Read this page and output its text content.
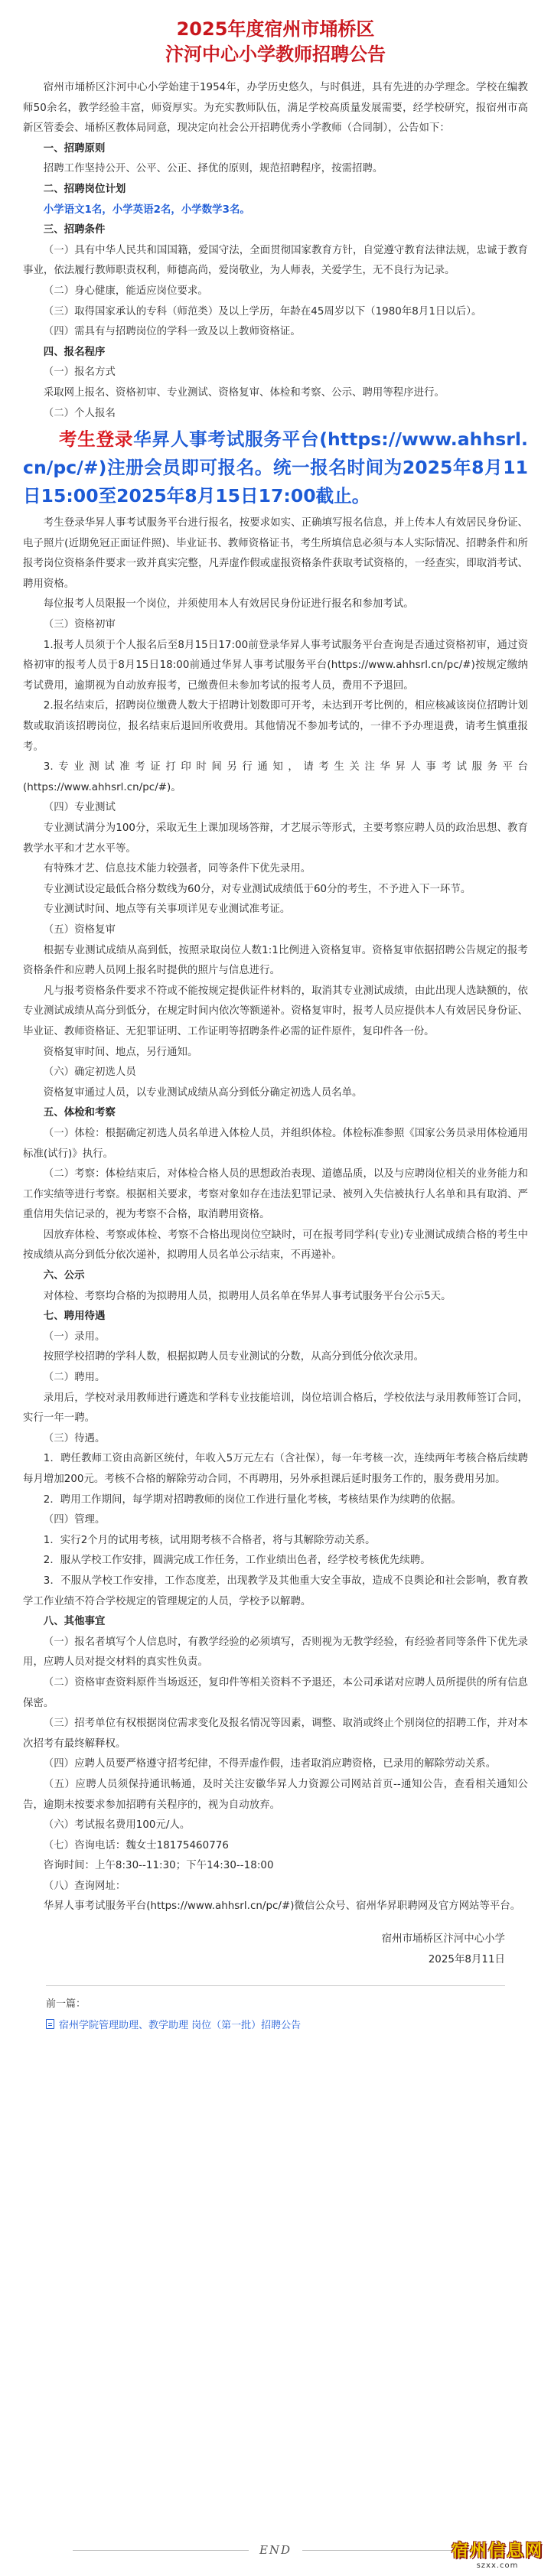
2025年度宿州市埇桥区
汴河中心小学教师招聘公告

宿州市埇桥区汴河中心小学始建于1954年，办学历史悠久，与时俱进，具有先进的办学理念。学校在编教师50余名，教学经验丰富，师资厚实。为充实教师队伍，满足学校高质量发展需要，经学校研究，报宿州市高新区管委会、埇桥区教体局同意，现决定向社会公开招聘优秀小学教师（合同制），公告如下：

一、招聘原则

招聘工作坚持公开、公平、公正、择优的原则，规范招聘程序，按需招聘。

二、招聘岗位计划

小学语文1名，小学英语2名，小学数学3名。

三、招聘条件

（一）具有中华人民共和国国籍，爱国守法，全面贯彻国家教育方针，自觉遵守教育法律法规，忠诚于教育事业，依法履行教师职责权利，师德高尚，爱岗敬业，为人师表，关爱学生，无不良行为记录。

（二）身心健康，能适应岗位要求。

（三）取得国家承认的专科（师范类）及以上学历，年龄在45周岁以下（1980年8月1日以后）。

（四）需具有与招聘岗位的学科一致及以上教师资格证。

四、报名程序

（一）报名方式

采取网上报名、资格初审、专业测试、资格复审、体检和考察、公示、聘用等程序进行。

（二）个人报名

考生登录华昇人事考试服务平台(https://www.ahhsrl.cn/pc/#)注册会员即可报名。统一报名时间为2025年8月11日15:00至2025年8月15日17:00截止。

考生登录华昇人事考试服务平台进行报名，按要求如实、正确填写报名信息，并上传本人有效居民身份证、电子照片(近期免冠正面证件照)、毕业证书、教师资格证书，考生所填信息必须与本人实际情况、招聘条件和所报考岗位资格条件要求一致并真实完整，凡弄虚作假或虚报资格条件获取考试资格的，一经查实，即取消考试、聘用资格。

每位报考人员限报一个岗位，并须使用本人有效居民身份证进行报名和参加考试。

（三）资格初审

1.报考人员须于个人报名后至8月15日17:00前登录华昇人事考试服务平台查询是否通过资格初审，通过资格初审的报考人员于8月15日18:00前通过华昇人事考试服务平台(https://www.ahhsrl.cn/pc/#)按规定缴纳考试费用，逾期视为自动放弃报考，已缴费但未参加考试的报考人员，费用不予退回。

2.报名结束后，招聘岗位缴费人数大于招聘计划数即可开考，未达到开考比例的，相应核减该岗位招聘计划数或取消该招聘岗位，报名结束后退回所收费用。其他情况不参加考试的，一律不予办理退费，请考生慎重报考。

3.专业测试准考证打印时间另行通知，请考生关注华昇人事考试服务平台(https://www.ahhsrl.cn/pc/#)。

（四）专业测试

专业测试满分为100分，采取无生上课加现场答辩，才艺展示等形式，主要考察应聘人员的政治思想、教育教学水平和才艺水平等。

有特殊才艺、信息技术能力较强者，同等条件下优先录用。

专业测试设定最低合格分数线为60分，对专业测试成绩低于60分的考生，不予进入下一环节。

专业测试时间、地点等有关事项详见专业测试准考证。

（五）资格复审

根据专业测试成绩从高到低，按照录取岗位人数1:1比例进入资格复审。资格复审依据招聘公告规定的报考资格条件和应聘人员网上报名时提供的照片与信息进行。

凡与报考资格条件要求不符或不能按规定提供证件材料的，取消其专业测试成绩，由此出现人选缺额的，依专业测试成绩从高分到低分，在规定时间内依次等额递补。资格复审时，报考人员应提供本人有效居民身份证、毕业证、教师资格证、无犯罪证明、工作证明等招聘条件必需的证件原件，复印件各一份。

资格复审时间、地点，另行通知。

（六）确定初选人员

资格复审通过人员，以专业测试成绩从高分到低分确定初选人员名单。

五、体检和考察

（一）体检：根据确定初选人员名单进入体检人员，并组织体检。体检标准参照《国家公务员录用体检通用标准(试行)》执行。

（二）考察：体检结束后，对体检合格人员的思想政治表现、道德品质，以及与应聘岗位相关的业务能力和工作实绩等进行考察。根据相关要求，考察对象如存在违法犯罪记录、被列入失信被执行人名单和具有取消、严重信用失信记录的，视为考察不合格，取消聘用资格。

因放弃体检、考察或体检、考察不合格出现岗位空缺时，可在报考同学科(专业)专业测试成绩合格的考生中按成绩从高分到低分依次递补，拟聘用人员名单公示结束，不再递补。

六、公示

对体检、考察均合格的为拟聘用人员，拟聘用人员名单在华昇人事考试服务平台公示5天。

七、聘用待遇

（一）录用。

按照学校招聘的学科人数，根据拟聘人员专业测试的分数，从高分到低分依次录用。

（二）聘用。

录用后，学校对录用教师进行遴选和学科专业技能培训，岗位培训合格后，学校依法与录用教师签订合同，实行一年一聘。

（三）待遇。

1．聘任教师工资由高新区统付，年收入5万元左右（含社保），每一年考核一次，连续两年考核合格后续聘每月增加200元。考核不合格的解除劳动合同，不再聘用，另外承担课后延时服务工作的，服务费用另加。

2．聘用工作期间，每学期对招聘教师的岗位工作进行量化考核，考核结果作为续聘的依据。

（四）管理。

1．实行2个月的试用考核，试用期考核不合格者，将与其解除劳动关系。

2．服从学校工作安排，圆满完成工作任务，工作业绩出色者，经学校考核优先续聘。

3．不服从学校工作安排，工作态度差，出现教学及其他重大安全事故，造成不良舆论和社会影响，教育教学工作业绩不符合学校规定的管理规定的人员，学校予以解聘。

八、其他事宜

（一）报名者填写个人信息时，有教学经验的必须填写，否则视为无教学经验，有经验者同等条件下优先录用，应聘人员对提交材料的真实性负责。

（二）资格审查资料原件当场返还，复印件等相关资料不予退还，本公司承诺对应聘人员所提供的所有信息保密。

（三）招考单位有权根据岗位需求变化及报名情况等因素，调整、取消或终止个别岗位的招聘工作，并对本次招考有最终解释权。

（四）应聘人员要严格遵守招考纪律，不得弄虚作假，违者取消应聘资格，已录用的解除劳动关系。

（五）应聘人员须保持通讯畅通，及时关注安徽华昇人力资源公司网站首页--通知公告，查看相关通知公告，逾期未按要求参加招聘有关程序的，视为自动放弃。

（六）考试报名费用100元/人。

（七）咨询电话：魏女士18175460776

咨询时间：上午8:30--11:30；下午14:30--18:00

（八）查询网址：

华昇人事考试服务平台(https://www.ahhsrl.cn/pc/#)微信公众号、宿州华昇职聘网及官方网站等平台。

宿州市埇桥区汴河中心小学
2025年8月11日
前一篇：
宿州学院管理助理、教学助理 岗位（第一批）招聘公告
END	宿州信息网
szxx.com
